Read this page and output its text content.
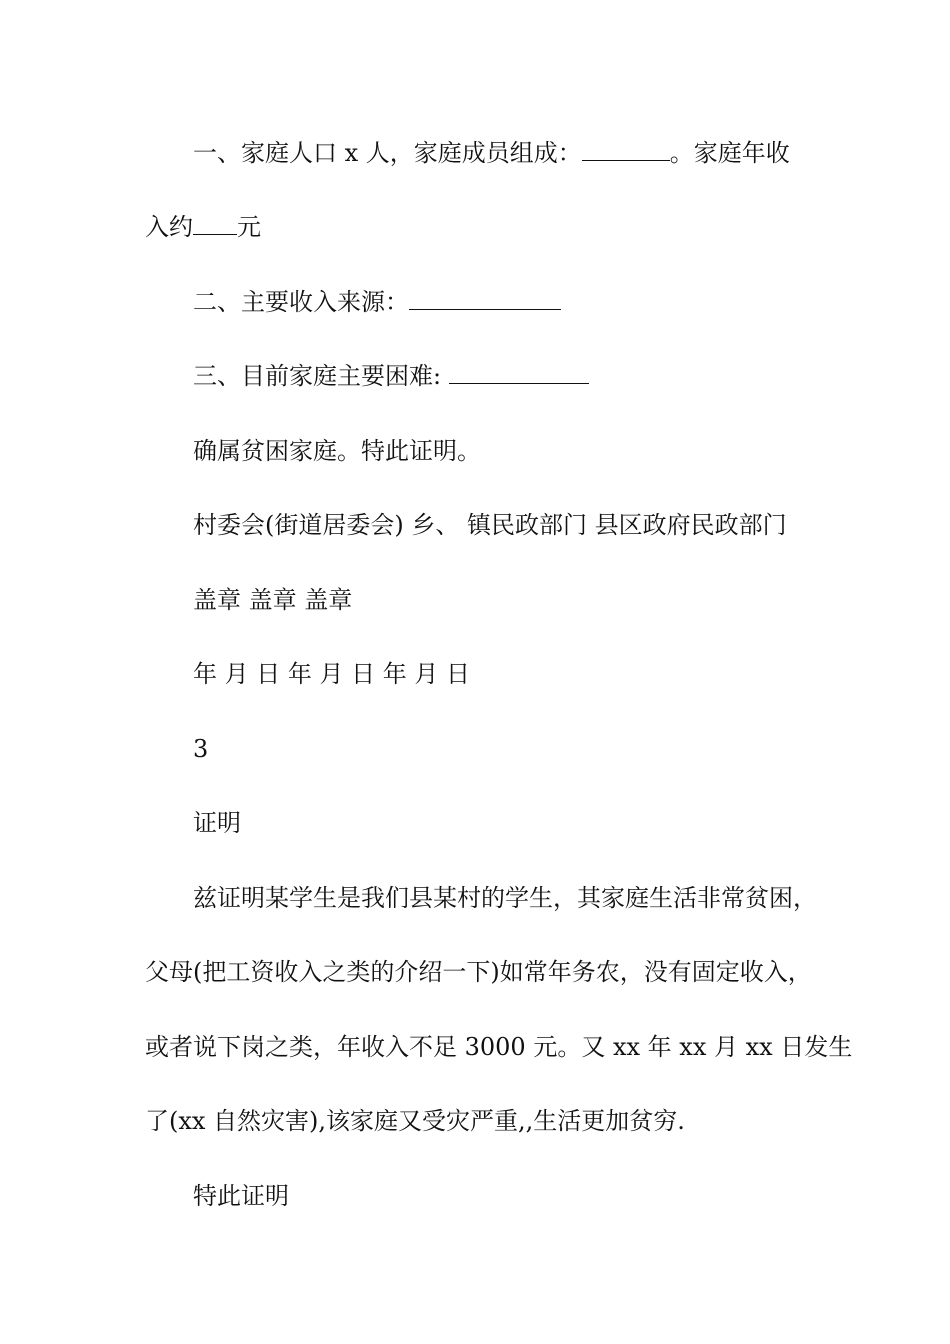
一、家庭人口 x 人，家庭成员组成：	。家庭年收

入约 元

二、主要收入来源：

三、目前家庭主要困难:

确属贫困家庭。特此证明。

村委会(街道居委会) 乡、 镇民政部门 县区政府民政部门

盖章 盖章 盖章

年 月 日 年 月 日 年 月 日

3

证明

兹证明某学生是我们县某村的学生，其家庭生活非常贫困，

父母(把工资收入之类的介绍一下)如常年务农，没有固定收入，

或者说下岗之类，年收入不足 3000 元。又 xx 年 xx 月 xx 日发生

了(xx 自然灾害),该家庭又受灾严重,,生活更加贫穷.

特此证明
